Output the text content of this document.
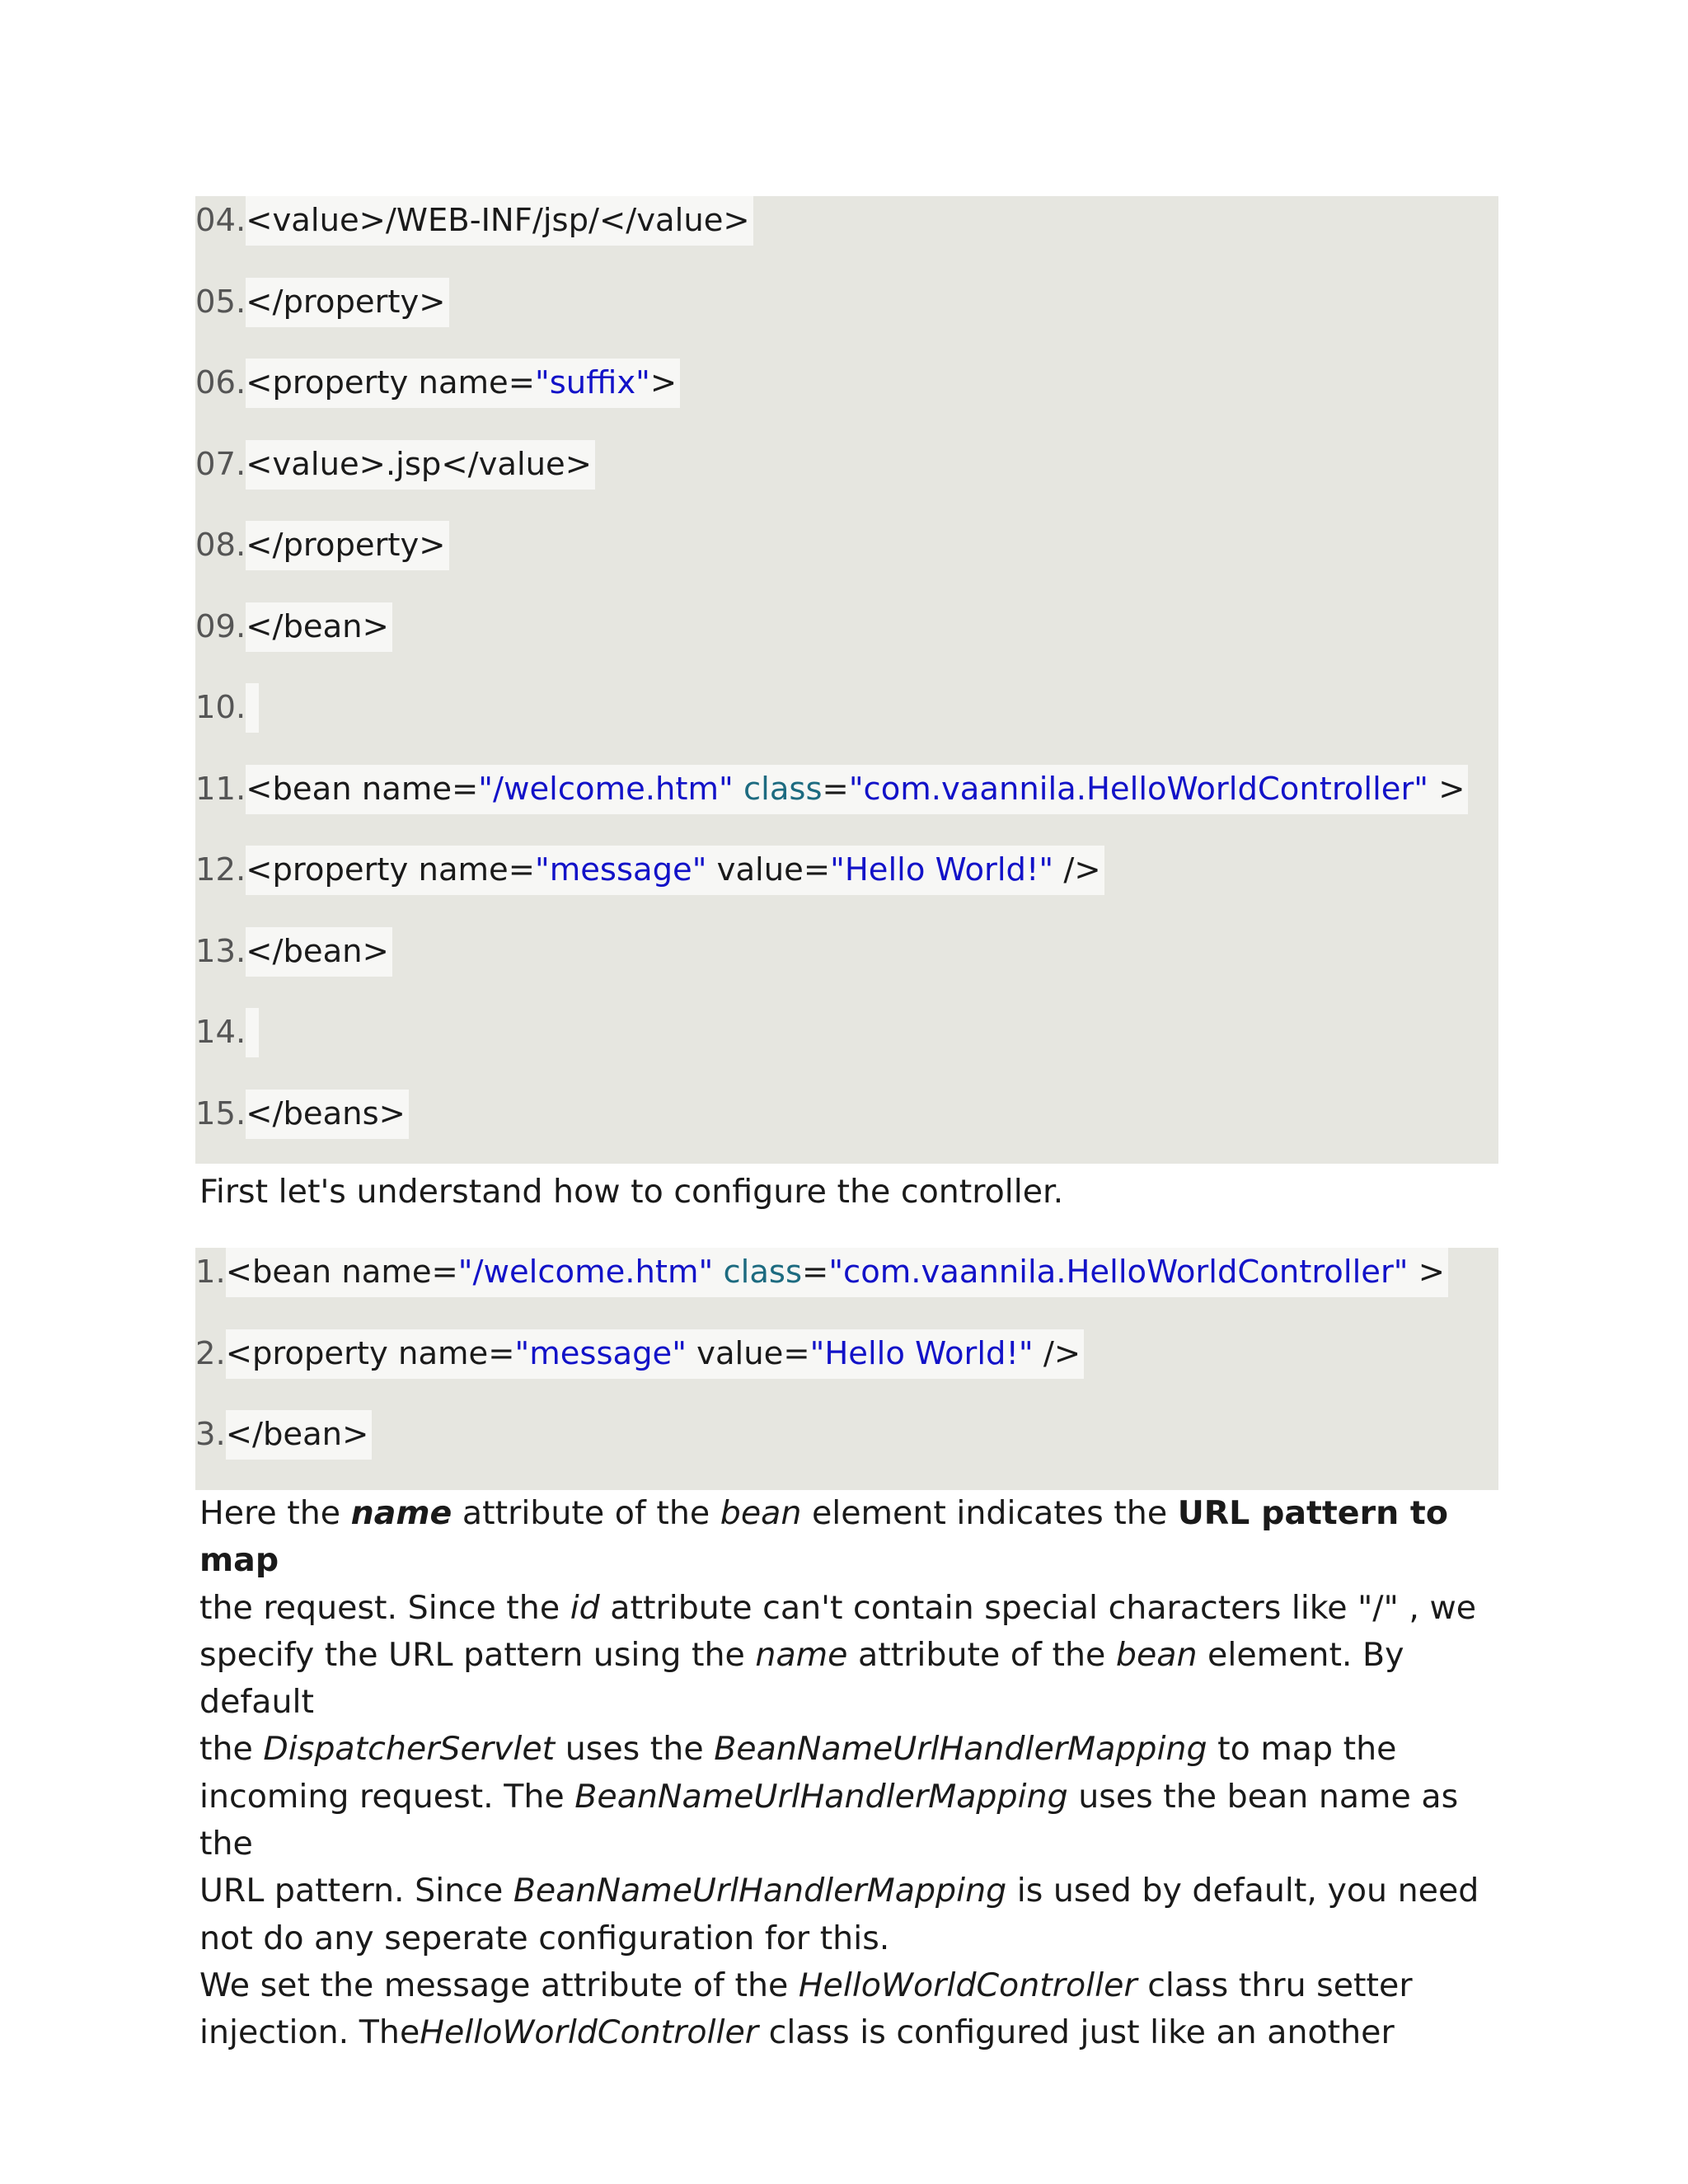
04. <value>/WEB-INF/jsp/</value>
05. </property>
06. <property name="suffix">
07. <value>.jsp</value>
08. </property>
09. </bean>
10.

11. <bean name="/welcome.htm" class="com.vaannila.HelloWorldController" >
12. <property name="message" value="Hello World!" />
13. </bean>
14.

15. </beans>

First let's understand how to configure the controller.

1. <bean name="/welcome.htm" class="com.vaannila.HelloWorldController" >
2. <property name="message" value="Hello World!" />
3. </bean>
Here the name attribute of the bean element indicates the URL pattern to map
the request. Since the id attribute can't contain special characters like "/" , we
specify the URL pattern using the name attribute of the bean element. By default
the DispatcherServlet uses the BeanNameUrlHandlerMapping to map the
incoming request. The BeanNameUrlHandlerMapping uses the bean name as the
URL pattern. Since BeanNameUrlHandlerMapping is used by default, you need
not do any seperate configuration for this.
We set the message attribute of the HelloWorldController class thru setter
injection. TheHelloWorldController class is configured just like an another
